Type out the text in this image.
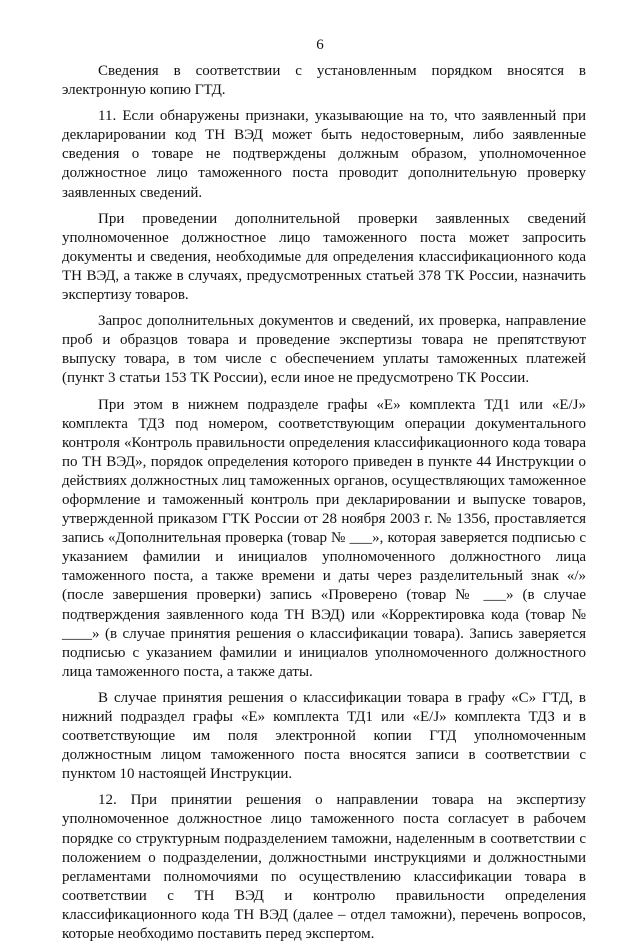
6

Сведения в соответствии с установленным порядком вносятся в электронную копию ГТД.

11. Если обнаружены признаки, указывающие на то, что заявленный при декларировании код ТН ВЭД может быть недостоверным, либо заявленные сведения о товаре не подтверждены должным образом, уполномоченное должностное лицо таможенного поста проводит дополнительную проверку заявленных сведений.

При проведении дополнительной проверки заявленных сведений уполномоченное должностное лицо таможенного поста может запросить документы и сведения, необходимые для определения классификационного кода ТН ВЭД, а также в случаях, предусмотренных статьей 378 ТК России, назначить экспертизу товаров.

Запрос дополнительных документов и сведений, их проверка, направление проб и образцов товара и проведение экспертизы товара не препятствуют выпуску товара, в том числе с обеспечением уплаты таможенных платежей (пункт 3 статьи 153 ТК России), если иное не предусмотрено ТК России.

При этом в нижнем подразделе графы «Е» комплекта ТД1 или «E/J» комплекта ТДЗ под номером, соответствующим операции документального контроля «Контроль правильности определения классификационного кода товара по ТН ВЭД», порядок определения которого приведен в пункте 44 Инструкции о действиях должностных лиц таможенных органов, осуществляющих таможенное оформление и таможенный контроль при декларировании и выпуске товаров, утвержденной приказом ГТК России от 28 ноября 2003 г. № 1356, проставляется запись «Дополнительная проверка (товар № ___», которая заверяется подписью с указанием фамилии и инициалов уполномоченного должностного лица таможенного поста, а также времени и даты через разделительный знак «/» (после завершения проверки) запись «Проверено (товар № ___» (в случае подтверждения заявленного кода ТН ВЭД) или «Корректировка кода (товар № ____» (в случае принятия решения о классификации товара). Запись заверяется подписью с указанием фамилии и инициалов уполномоченного должностного лица таможенного поста, а также даты.

В случае принятия решения о классификации товара в графу «С» ГТД, в нижний подраздел графы «Е» комплекта ТД1 или «E/J» комплекта ТДЗ и в соответствующие им поля электронной копии ГТД уполномоченным должностным лицом таможенного поста вносятся записи в соответствии с пунктом 10 настоящей Инструкции.

12. При принятии решения о направлении товара на экспертизу уполномоченное должностное лицо таможенного поста согласует в рабочем порядке со структурным подразделением таможни, наделенным в соответствии с положением о подразделении, должностными инструкциями и должностными регламентами полномочиями по осуществлению классификации товара в соответствии с ТН ВЭД и контролю правильности определения классификационного кода ТН ВЭД (далее – отдел таможни), перечень вопросов, которые необходимо поставить перед экспертом.
